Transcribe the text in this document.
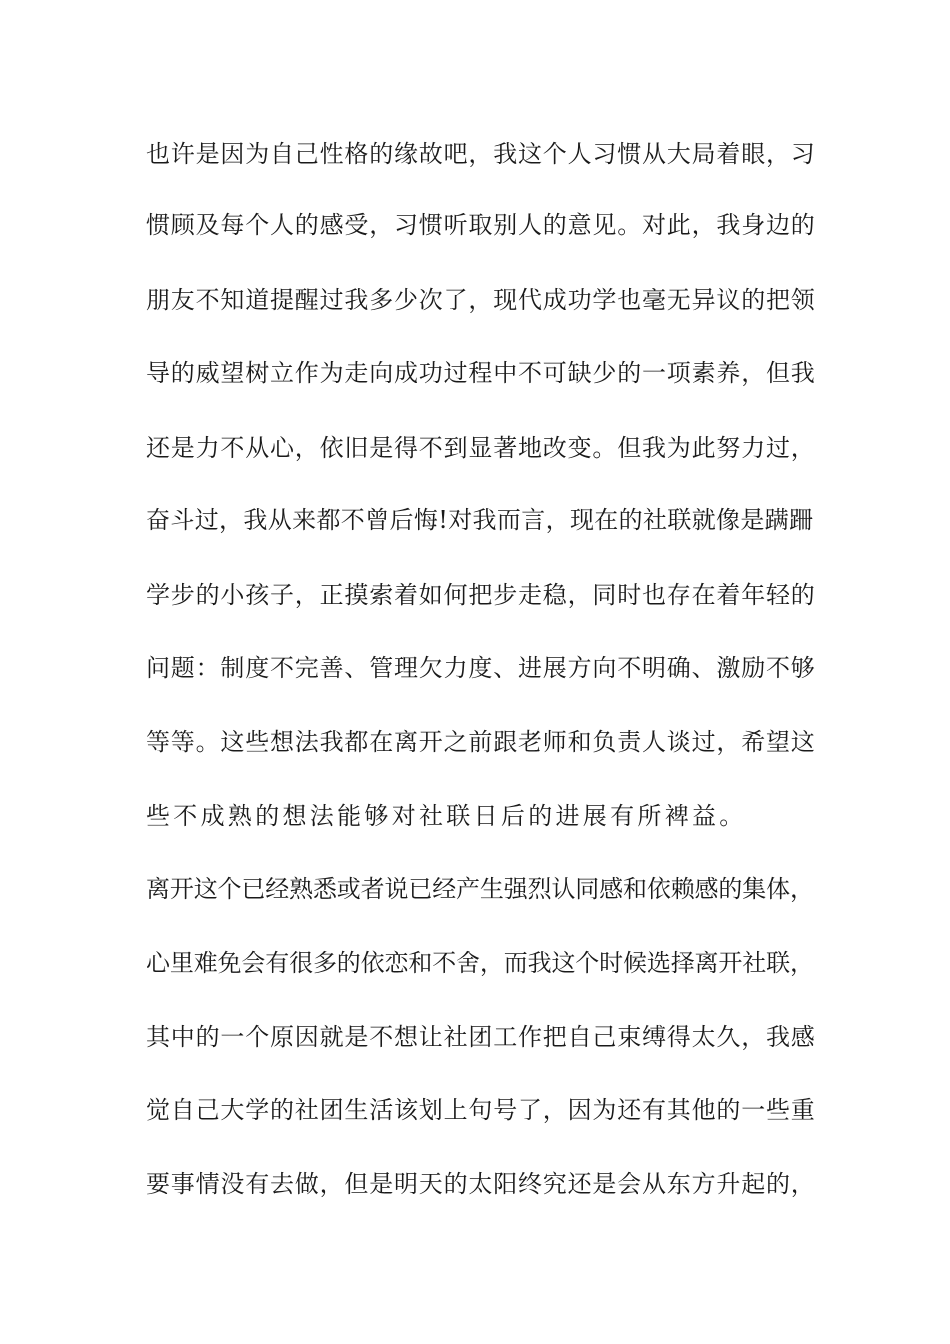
也许是因为自己性格的缘故吧，我这个人习惯从大局着眼，习
惯顾及每个人的感受，习惯听取别人的意见。对此，我身边的
朋友不知道提醒过我多少次了，现代成功学也毫无异议的把领
导的威望树立作为走向成功过程中不可缺少的一项素养，但我
还是力不从心，依旧是得不到显著地改变。但我为此努力过，
奋斗过，我从来都不曾后悔!对我而言，现在的社联就像是蹒跚
学步的小孩子，正摸索着如何把步走稳，同时也存在着年轻的
问题：制度不完善、管理欠力度、进展方向不明确、激励不够
等等。这些想法我都在离开之前跟老师和负责人谈过，希望这
些不成熟的想法能够对社联日后的进展有所裨益。
离开这个已经熟悉或者说已经产生强烈认同感和依赖感的集体，
心里难免会有很多的依恋和不舍，而我这个时候选择离开社联，
其中的一个原因就是不想让社团工作把自己束缚得太久，我感
觉自己大学的社团生活该划上句号了，因为还有其他的一些重
要事情没有去做，但是明天的太阳终究还是会从东方升起的，
